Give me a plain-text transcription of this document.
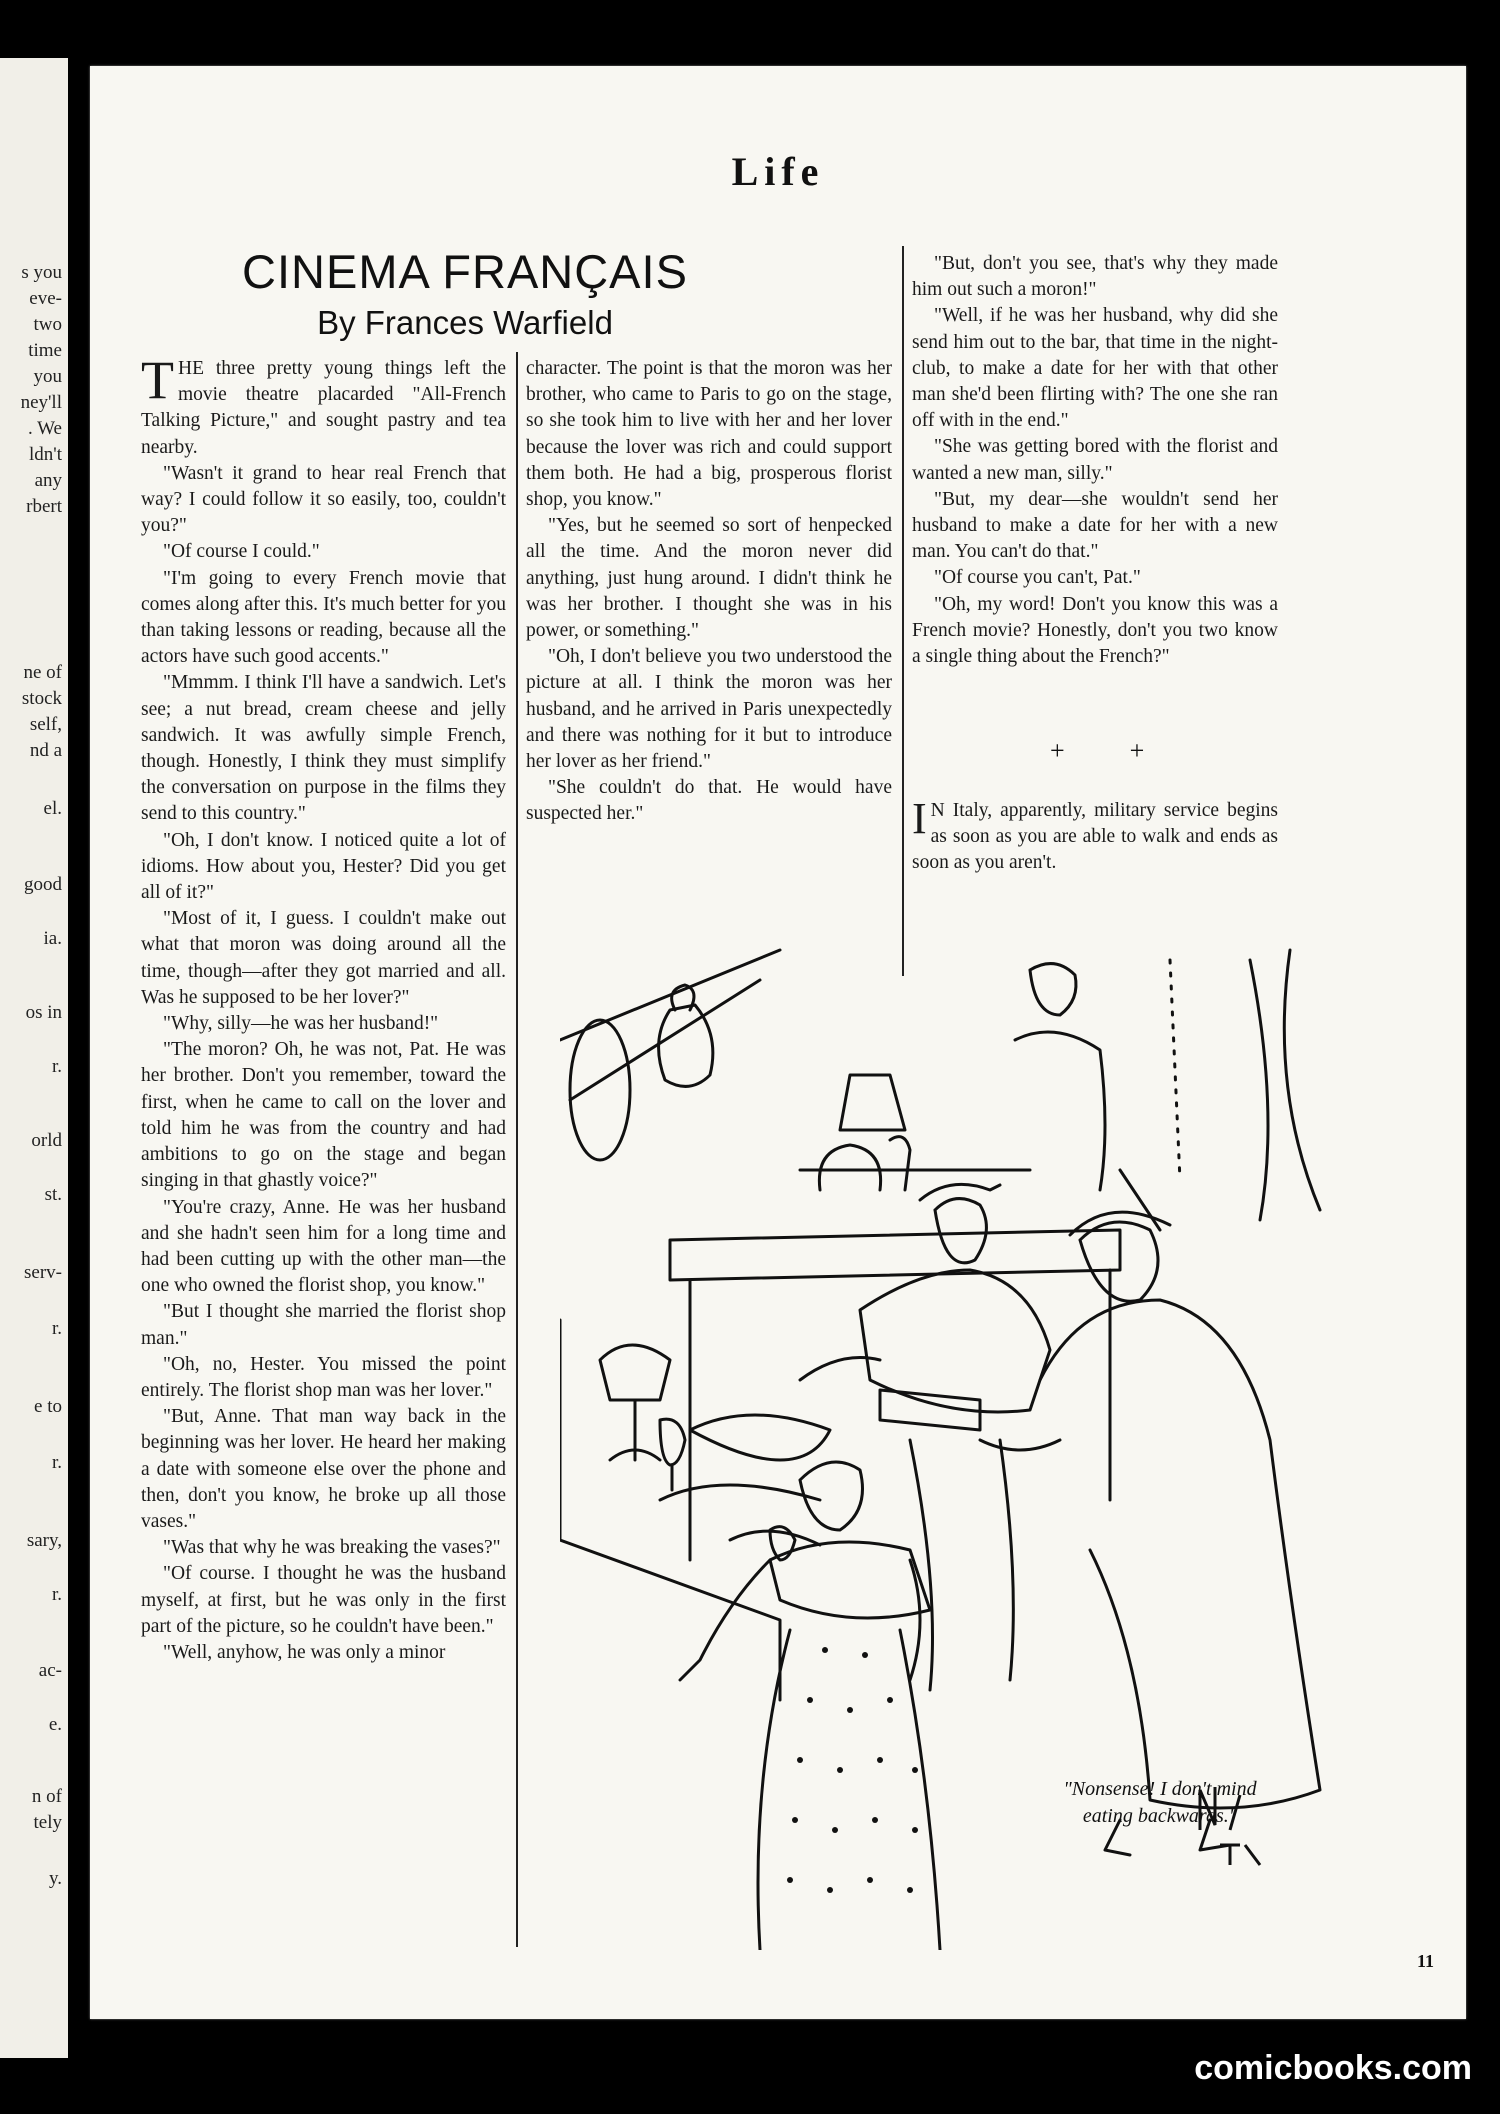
s you
eve-
two
time
you
ney'll
. We
ldn't
any
rbert
ne of
stock
self,
nd a
el.
good
ia.
os in
r.
orld
st.
serv-
r.
e to
r.
sary,
r.
ac-
e.
n of
tely
y.
Life
CINEMA FRANÇAIS
By Frances Warfield

THE three pretty young things left the movie theatre placarded "All-French Talking Picture," and sought pastry and tea nearby.

"Wasn't it grand to hear real French that way? I could follow it so easily, too, couldn't you?"

"Of course I could."

"I'm going to every French movie that comes along after this. It's much better for you than taking lessons or reading, because all the actors have such good accents."

"Mmmm. I think I'll have a sandwich. Let's see; a nut bread, cream cheese and jelly sandwich. It was awfully simple French, though. Honestly, I think they must simplify the conversation on purpose in the films they send to this country."

"Oh, I don't know. I noticed quite a lot of idioms. How about you, Hester? Did you get all of it?"

"Most of it, I guess. I couldn't make out what that moron was doing around all the time, though—after they got married and all. Was he supposed to be her lover?"

"Why, silly—he was her husband!"

"The moron? Oh, he was not, Pat. He was her brother. Don't you remember, toward the first, when he came to call on the lover and told him he was from the country and had ambitions to go on the stage and began singing in that ghastly voice?"

"You're crazy, Anne. He was her husband and she hadn't seen him for a long time and had been cutting up with the other man—the one who owned the florist shop, you know."

"But I thought she married the florist shop man."

"Oh, no, Hester. You missed the point entirely. The florist shop man was her lover."

"But, Anne. That man way back in the beginning was her lover. He heard her making a date with someone else over the phone and then, don't you know, he broke up all those vases."

"Was that why he was breaking the vases?"

"Of course. I thought he was the husband myself, at first, but he was only in the first part of the picture, so he couldn't have been."

"Well, anyhow, he was only a minor

character. The point is that the moron was her brother, who came to Paris to go on the stage, so she took him to live with her and her lover because the lover was rich and could support them both. He had a big, prosperous florist shop, you know."

"Yes, but he seemed so sort of henpecked all the time. And the moron never did anything, just hung around. I didn't think he was her brother. I thought she was in his power, or something."

"Oh, I don't believe you two understood the picture at all. I think the moron was her husband, and he arrived in Paris unexpectedly and there was nothing for it but to introduce her lover as her friend."

"She couldn't do that. He would have suspected her."

"But, don't you see, that's why they made him out such a moron!"

"Well, if he was her husband, why did she send him out to the bar, that time in the night-club, to make a date for her with that other man she'd been flirting with? The one she ran off with in the end."

"She was getting bored with the florist and wanted a new man, silly."

"But, my dear—she wouldn't send her husband to make a date for her with a new man. You can't do that."

"Of course you can't, Pat."

"Oh, my word! Don't you know this was a French movie? Honestly, don't you two know a single thing about the French?"

+          +

I N Italy, apparently, military service begins as soon as you are able to walk and ends as soon as you aren't.

"Nonsense! I don't mind
eating backwards."
11
comicbooks.com
